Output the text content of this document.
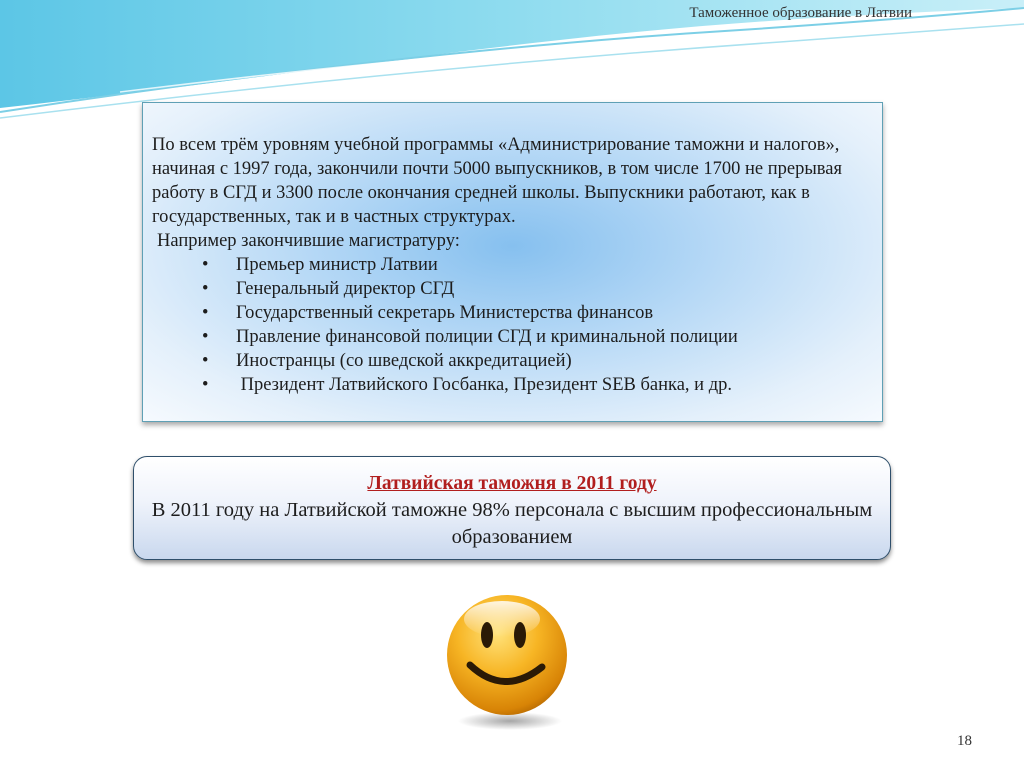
Таможенное образование в Латвии

По всем трём уровням учебной программы «Администрирование таможни и налогов», начиная с 1997 года, закончили почти 5000 выпускников, в том числе 1700 не прерывая работу в СГД и 3300 после окончания средней школы. Выпускники работают, как в государственных, так и в частных структурах.

Например закончившие магистратуру:

• Премьер министр Латвии
• Генеральный директор СГД
• Государственный секретарь Министерства финансов
• Правление финансовой полиции СГД и криминальной полиции
• Иностранцы (со шведской аккредитацией)
• Президент Латвийского Госбанка, Президент SEB банка, и др.
Латвийская таможня в 2011 году
В 2011 году на Латвийской таможне 98% персонала с высшим профессиональным образованием
18
